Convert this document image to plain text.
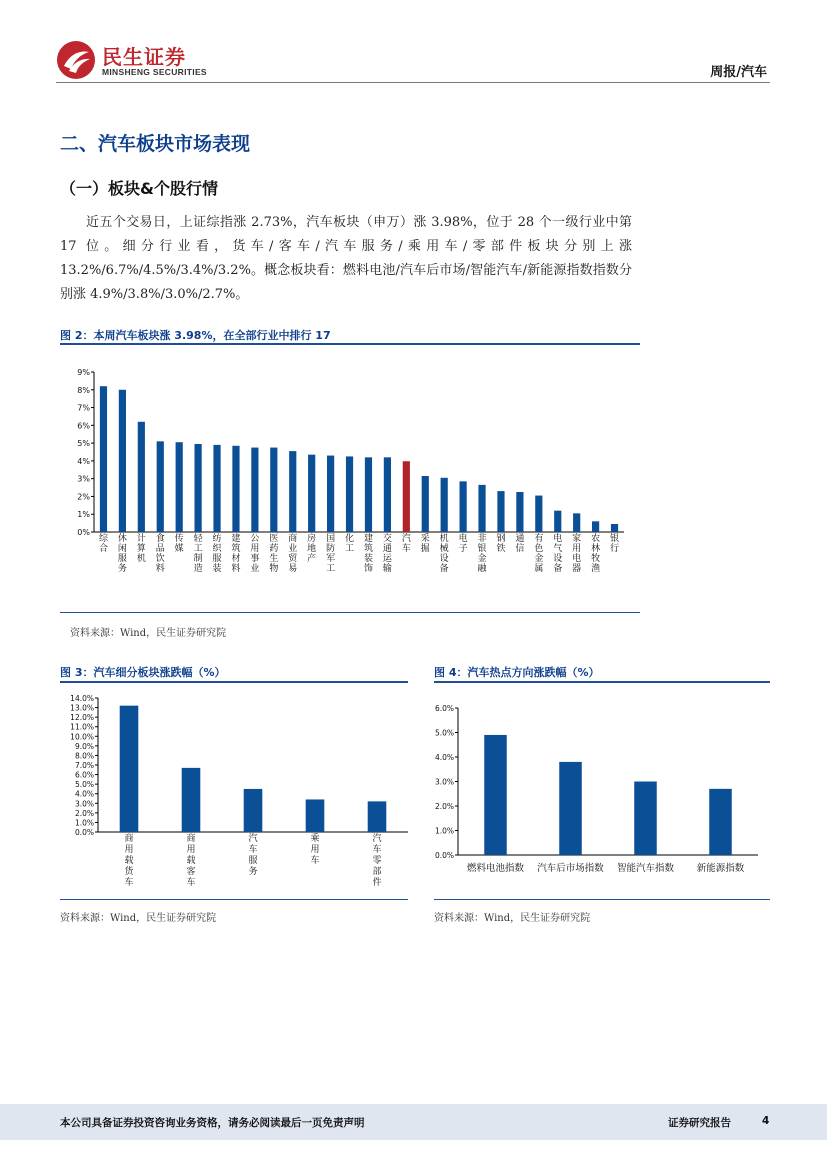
民生证券
MINSHENG SECURITIES	周报/汽车
二、汽车板块市场表现
（一）板块&个股行情
近五个交易日，上证综指涨 2.73%，汽车板块（申万）涨 3.98%，位于 28 个一级行业中第 17 位。细分行业看，货车/客车/汽车服务/乘用车/零部件板块分别上涨 13.2%/6.7%/4.5%/3.4%/3.2%。概念板块看：燃料电池/汽车后市场/智能汽车/新能源指数指数分别涨 4.9%/3.8%/3.0%/2.7%。
图 2：本周汽车板块涨 3.98%，在全部行业中排行 17
0%
1%
2%
3%
4%
5%
6%
7%
8%
9%
综
合
休
闲
服
务
计
算
机
食
品
饮
料
传
媒
轻
工
制
造
纺
织
服
装
建
筑
材
料
公
用
事
业
医
药
生
物
商
业
贸
易
房
地
产
国
防
军
工
化
工
建
筑
装
饰
交
通
运
输
汽
车
采
掘
机
械
设
备
电
子
非
银
金
融
钢
铁
通
信
有
色
金
属
电
气
设
备
家
用
电
器
农
林
牧
渔
银
行
资料来源：Wind，民生证券研究院
图 3：汽车细分板块涨跌幅（%）
0.0%
1.0%
2.0%
3.0%
4.0%
5.0%
6.0%
7.0%
8.0%
9.0%
10.0%
11.0%
12.0%
13.0%
14.0%
商
用
载
货
车
商
用
载
客
车
汽
车
服
务
乘
用
车
汽
车
零
部
件
资料来源：Wind，民生证券研究院
图 4：汽车热点方向涨跌幅（%）
0.0%
1.0%
2.0%
3.0%
4.0%
5.0%
6.0%
燃料电池指数 汽车后市场指数 智能汽车指数 新能源指数
资料来源：Wind，民生证券研究院
本公司具备证券投资咨询业务资格，请务必阅读最后一页免责声明	证券研究报告	4
